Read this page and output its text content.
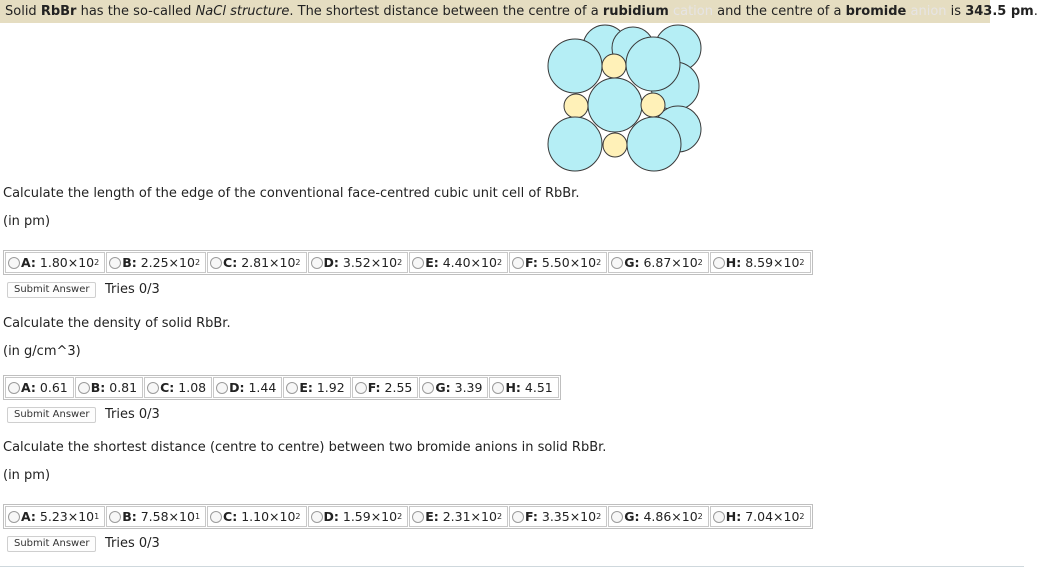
Solid RbBr has the so-called NaCl structure. The shortest distance between the centre of a rubidium cation and the centre of a bromide anion is 343.5 pm.
Calculate the length of the edge of the conventional face-centred cubic unit cell of RbBr.
(in pm)
A:
1.80×10 2 B:
2.25×10 2 C:
2.81×10 2 D:
3.52×10 2 E:
4.40×10 2 F:
5.50×10 2 G:
6.87×10 2 H:
8.59×10 2
Submit Answer	Tries 0/3
Calculate the density of solid RbBr.
(in g/cm^3)
A:
0.61 B:
0.81 C:
1.08 D:
1.44 E:
1.92 F:
2.55 G:
3.39 H:
4.51
Submit Answer	Tries 0/3
Calculate the shortest distance (centre to centre) between two bromide anions in solid RbBr.
(in pm)
A:
5.23×10 1 B:
7.58×10 1 C:
1.10×10 2 D:
1.59×10 2 E:
2.31×10 2 F:
3.35×10 2 G:
4.86×10 2 H:
7.04×10 2
Submit Answer	Tries 0/3
